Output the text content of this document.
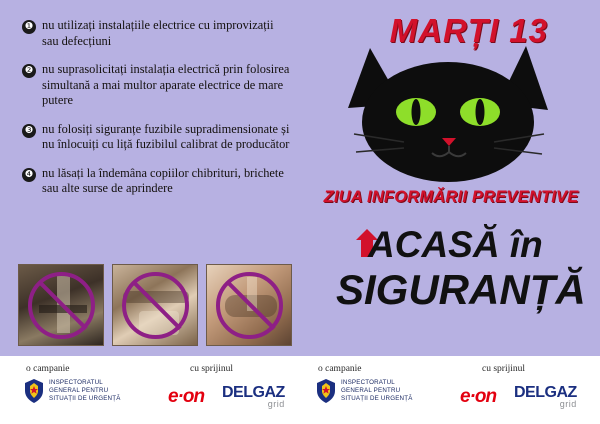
❶ nu utilizați instalațiile electrice cu improvizații sau defecțiuni
❷ nu suprasolicitați instalația electrică prin folosirea simultană a mai multor aparate electrice de mare putere
❸ nu folosiți siguranțe fuzibile supradimensionate și nu înlocuiți cu liță fuzibilul calibrat de producător
❹ nu lăsați la îndemâna copiilor chibrituri, brichete sau alte surse de aprindere
MARȚI 13
ZIUA INFORMĂRII PREVENTIVE
ACASĂ în
SIGURANȚĂ
o campanie	cu sprijinul
INSPECTORATUL
GENERAL PENTRU
SITUAȚII DE URGENȚĂ e·on DELGAZ
grid
o campanie	cu sprijinul
INSPECTORATUL
GENERAL PENTRU
SITUAȚII DE URGENȚĂ e·on DELGAZ
grid
